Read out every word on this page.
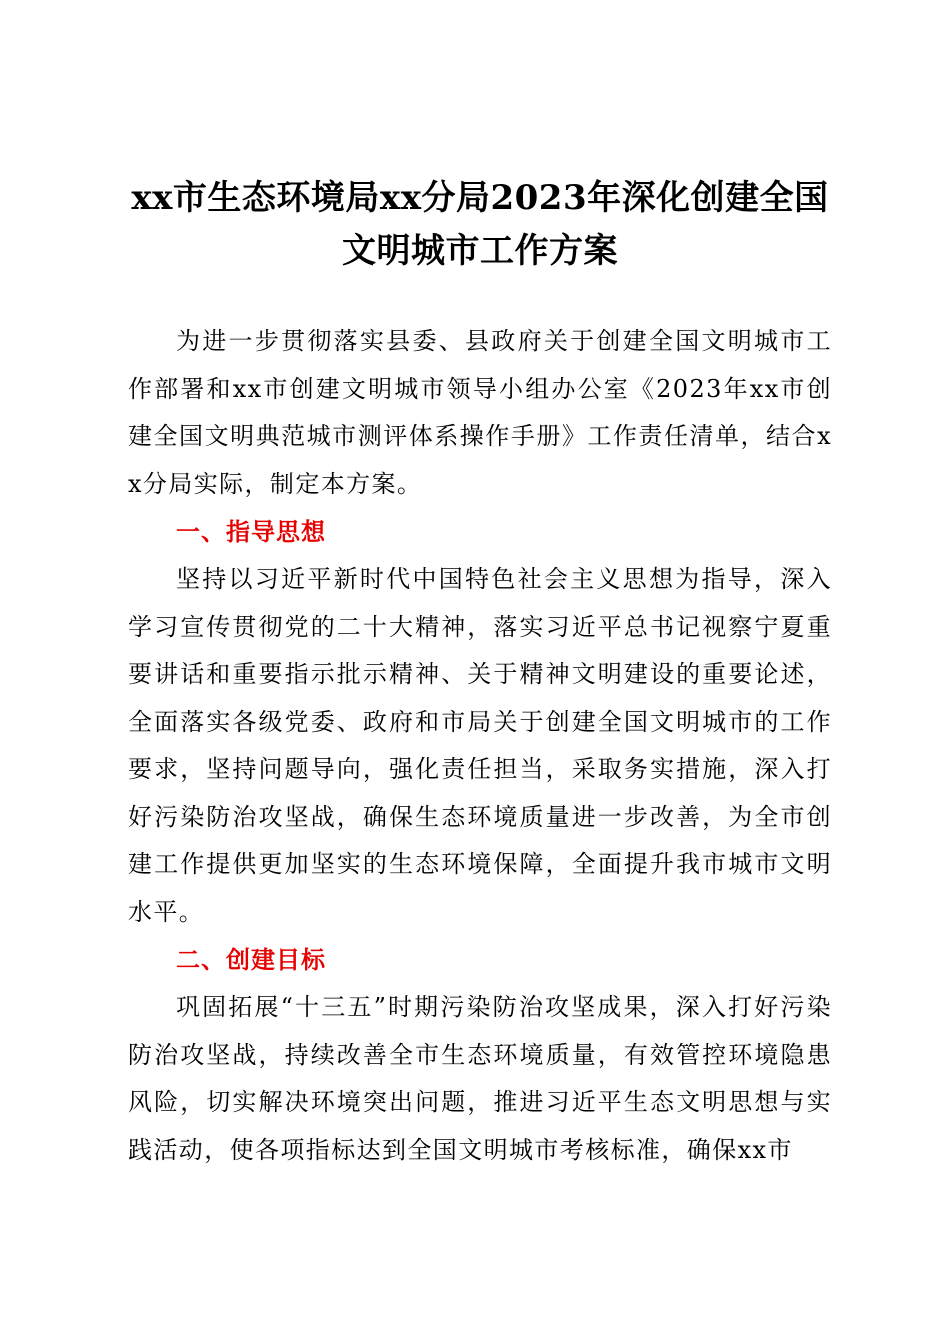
xx市生态环境局xx分局2023年深化创建全国
文明城市工作方案

为进一步贯彻落实县委、县政府关于创建全国文明城市工作部署和xx市创建文明城市领导小组办公室《2023年xx市创建全国文明典范城市测评体系操作手册》工作责任清单，结合xx分局实际，制定本方案。

一、指导思想

坚持以习近平新时代中国特色社会主义思想为指导，深入学习宣传贯彻党的二十大精神，落实习近平总书记视察宁夏重要讲话和重要指示批示精神、关于精神文明建设的重要论述，全面落实各级党委、政府和市局关于创建全国文明城市的工作要求，坚持问题导向，强化责任担当，采取务实措施，深入打好污染防治攻坚战，确保生态环境质量进一步改善，为全市创建工作提供更加坚实的生态环境保障，全面提升我市城市文明水平。

二、创建目标

巩固拓展“十三五”时期污染防治攻坚成果，深入打好污染防治攻坚战，持续改善全市生态环境质量，有效管控环境隐患风险，切实解决环境突出问题，推进习近平生态文明思想与实践活动，使各项指标达到全国文明城市考核标准，确保xx市
